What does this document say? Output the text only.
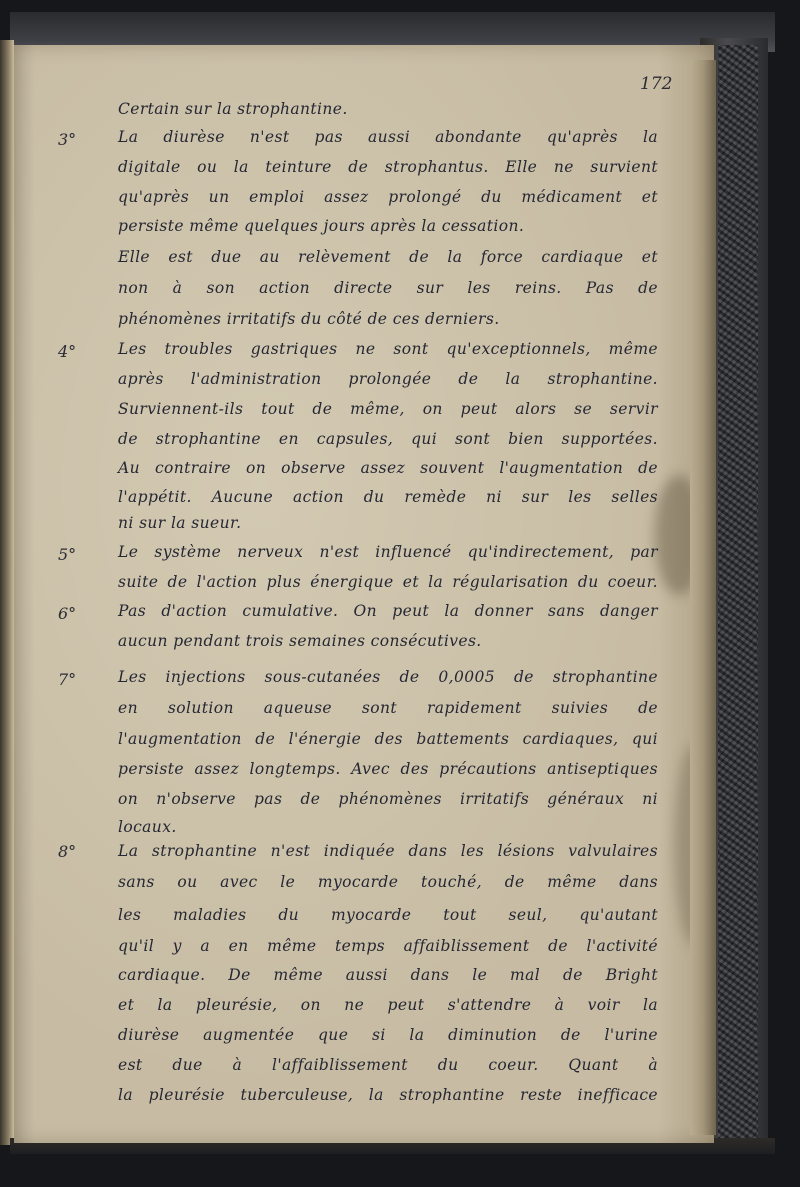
172
Certain sur la strophantine.
3°	La diurèse n'est pas aussi abondante qu'après la
digitale ou la teinture de strophantus. Elle ne survient
qu'après un emploi assez prolongé du médicament et
persiste même quelques jours après la cessation.
Elle est due au relèvement de la force cardiaque et
non à son action directe sur les reins. Pas de
phénomènes irritatifs du côté de ces derniers.
4°	Les troubles gastriques ne sont qu'exceptionnels, même
après l'administration prolongée de la strophantine.
Surviennent-ils tout de même, on peut alors se servir
de strophantine en capsules, qui sont bien supportées.
Au contraire on observe assez souvent l'augmentation de
l'appétit. Aucune action du remède ni sur les selles
ni sur la sueur.
5°	Le système nerveux n'est influencé qu'indirectement, par
suite de l'action plus énergique et la régularisation du coeur.
6°	Pas d'action cumulative. On peut la donner sans danger
aucun pendant trois semaines consécutives.
7°	Les injections sous-cutanées de 0,0005 de strophantine
en solution aqueuse sont rapidement suivies de
l'augmentation de l'énergie des battements cardiaques, qui
persiste assez longtemps. Avec des précautions antiseptiques
on n'observe pas de phénomènes irritatifs généraux ni
locaux.
8°	La strophantine n'est indiquée dans les lésions valvulaires
sans ou avec le myocarde touché, de même dans
les maladies du myocarde tout seul, qu'autant
qu'il y a en même temps affaiblissement de l'activité
cardiaque. De même aussi dans le mal de Bright
et la pleurésie, on ne peut s'attendre à voir la
diurèse augmentée que si la diminution de l'urine
est due à l'affaiblissement du coeur. Quant à
la pleurésie tuberculeuse, la strophantine reste inefficace
